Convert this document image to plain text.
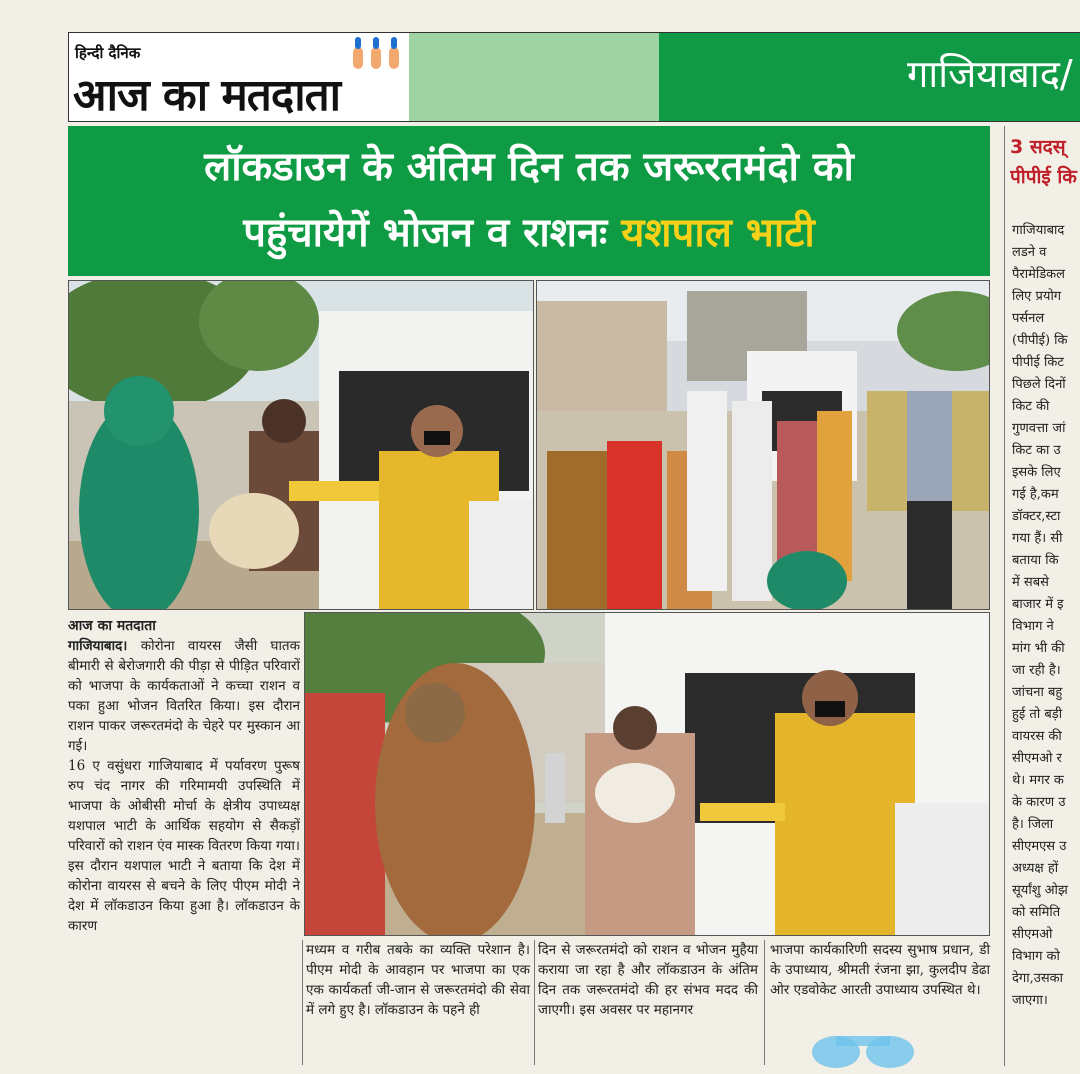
हिन्दी दैनिक
आज का मतदाता	गाजियाबाद/
लॉकडाउन के अंतिम दिन तक जरूरतमंदो को
पहुंचायेगें भोजन व राशनः यशपाल भाटी
आज का मतदाता
गाजियाबाद। कोरोना वायरस जैसी घातक बीमारी से बेरोजगारी की पीड़ा से पीड़ित परिवारों को भाजपा के कार्यकताओं ने कच्चा राशन व पका हुआ भोजन वितरित किया। इस दौरान राशन पाकर जरूरतमंदो के चेहरे पर मुस्कान आ गई।
16 ए वसुंधरा गाजियाबाद में पर्यावरण पुरूष रुप चंद नागर की गरिमामयी उपस्थिति में भाजपा के ओबीसी मोर्चा के क्षेत्रीय उपाध्यक्ष यशपाल भाटी के आर्थिक सहयोग से सैकड़ों परिवारों को राशन एंव मास्क वितरण किया गया। इस दौरान यशपाल भाटी ने बताया कि देश में कोरोना वायरस से बचने के लिए पीएम मोदी ने देश में लॉकडाउन किया हुआ है। लॉकडाउन के कारण
मध्यम व गरीब तबके का व्यक्ति परेशान है। पीएम मोदी के आवहान पर भाजपा का एक एक कार्यकर्ता जी-जान से जरूरतमंदो की सेवा में लगे हुए है। लॉकडाउन के पहने ही
दिन से जरूरतमंदो को राशन व भोजन मुहैया कराया जा रहा है और लॉकडाउन के अंतिम दिन तक जरूरतमंदो की हर संभव मदद की जाएगी। इस अवसर पर महानगर
भाजपा कार्यकारिणी सदस्य सुभाष प्रधान, डी के उपाध्याय, श्रीमती रंजना झा, कुलदीप डेढा ओर एडवोकेट आरती उपाध्याय उपस्थित थे।
3 सदस्
पीपीई कि
गाजियाबाद
लडने व
पैरामेडिकल
लिए प्रयोग
पर्सनल
(पीपीई) कि
पीपीई किट
पिछले दिनों
किट की
गुणवत्ता जां
किट का उ
इसके लिए
गई है,कम
डॉक्टर,स्टा
गया हैं। सी
बताया कि
में सबसे
बाजार में इ
विभाग ने
मांग भी की
जा रही है।
जांचना बहु
हुई तो बड़ी
वायरस की
सीएमओ र
थे। मगर क
के कारण उ
है। जिला
सीएमएस उ
अध्यक्ष हों
सूर्यांशु ओझ
को समिति
सीएमओ
विभाग को
देगा,उसका
जाएगा।
